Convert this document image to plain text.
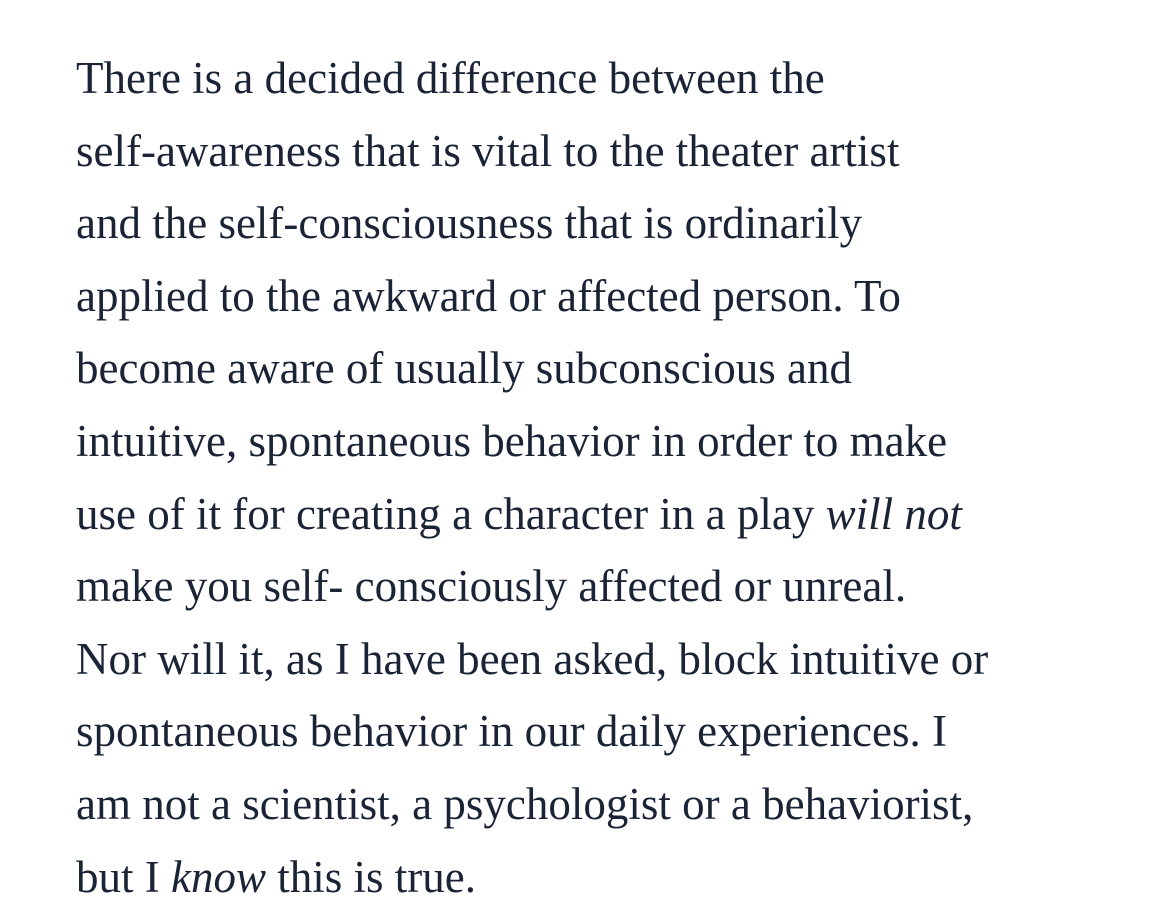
There is a decided difference between the
self-awareness that is vital to the theater artist
and the self-consciousness that is ordinarily
applied to the awkward or affected person. To
become aware of usually subconscious and
intuitive, spontaneous behavior in order to make
use of it for creating a character in a play will not
make you self- consciously affected or unreal.
Nor will it, as I have been asked, block intuitive or
spontaneous behavior in our daily experiences. I
am not a scientist, a psychologist or a behaviorist,
but I know this is true.
